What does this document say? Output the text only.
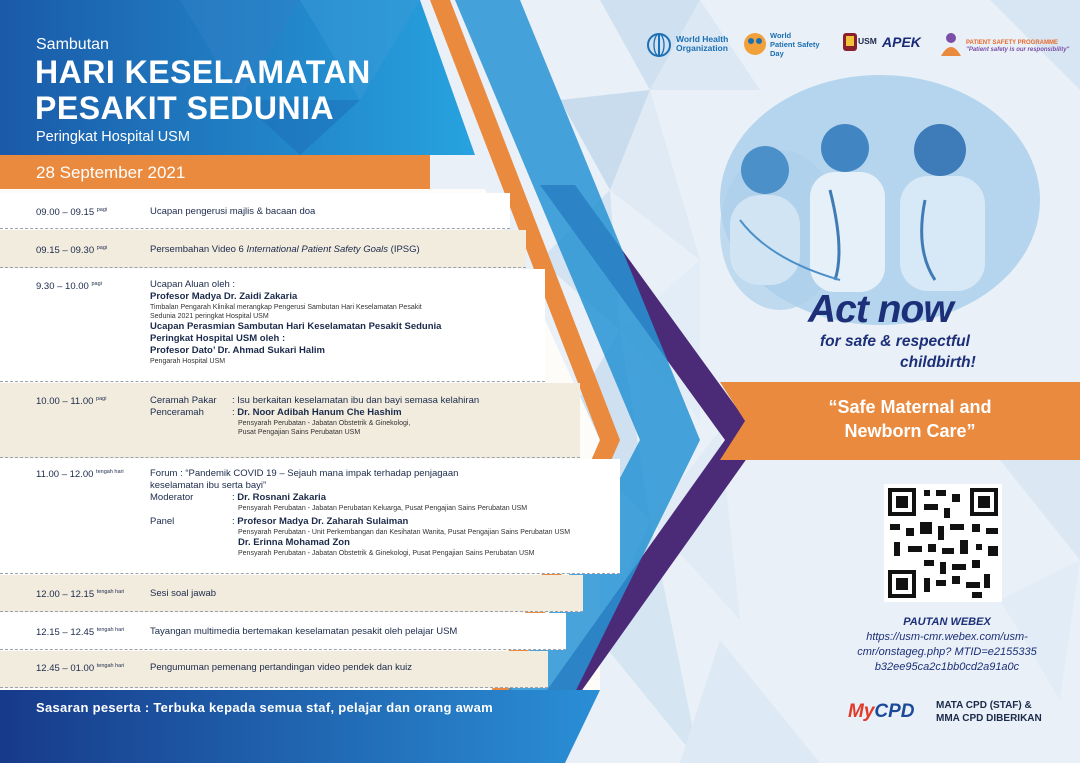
Sambutan
HARI KESELAMATAN
PESAKIT SEDUNIA
Peringkat Hospital USM
28 September 2021
09.00 – 09.15 $^{pagi}$	Ucapan pengerusi majlis & bacaan doa
09.15 – 09.30 $^{pagi}$	Persembahan Video 6 International Patient Safety Goals (IPSG)
9.30 – 10.00 $^{pagi}$	Ucapan Aluan oleh :
Profesor Madya Dr. Zaidi Zakaria
Timbalan Pengarah Klinikal merangkap Pengerusi Sambutan Hari Keselamatan Pesakit
Sedunia 2021 peringkat Hospital USM
Ucapan Perasmian Sambutan Hari Keselamatan Pesakit Sedunia
Peringkat Hospital USM oleh :
Profesor Dato’ Dr. Ahmad Sukari Halim
Pengarah Hospital USM
10.00 – 11.00 $^{pagi}$	Ceramah Pakar : Isu berkaitan keselamatan ibu dan bayi semasa kelahiran
Penceramah	: Dr. Noor Adibah Hanum Che Hashim
Pensyarah Perubatan - Jabatan Obstetrik & Ginekologi,
Pusat Pengajian Sains Perubatan USM
11.00 – 12.00 $^{tengah hari}$	Forum : “Pandemik COVID 19 – Sejauh mana impak terhadap penjagaan
keselamatan ibu serta bayi”
Moderator	: Dr. Rosnani Zakaria
Pensyarah Perubatan - Jabatan Perubatan Keluarga, Pusat Pengajian Sains Perubatan USM
Panel	: Profesor Madya Dr. Zaharah Sulaiman
Pensyarah Perubatan - Unit Perkembangan dan Kesihatan Wanita, Pusat Pengajian Sains Perubatan USM
Dr. Erinna Mohamad Zon
Pensyarah Perubatan - Jabatan Obstetrik & Ginekologi, Pusat Pengajian Sains Perubatan USM
12.00 – 12.15 $^{tengah hari}$	Sesi soal jawab
12.15 – 12.45 $^{tengah hari}$	Tayangan multimedia bertemakan keselamatan pesakit oleh pelajar USM
12.45 – 01.00 $^{tengah hari}$	Pengumuman pemenang pertandingan video pendek dan kuiz
Sasaran peserta : Terbuka kepada semua staf, pelajar dan orang awam
World Health
Organization
World
Patient Safety
Day
USM APEK	PATIENT SAFETY PROGRAMME
"Patient safety is our responsibility"
Act now
for safe & respectful
childbirth!
“Safe Maternal and
Newborn Care”
PAUTAN WEBEX
https://usm-cmr.webex.com/usm-
cmr/onstageg.php? MTID=e2155335
b32ee95ca2c1bb0cd2a91a0c
MyCPD MATA CPD (STAF) &
MMA CPD DIBERIKAN
